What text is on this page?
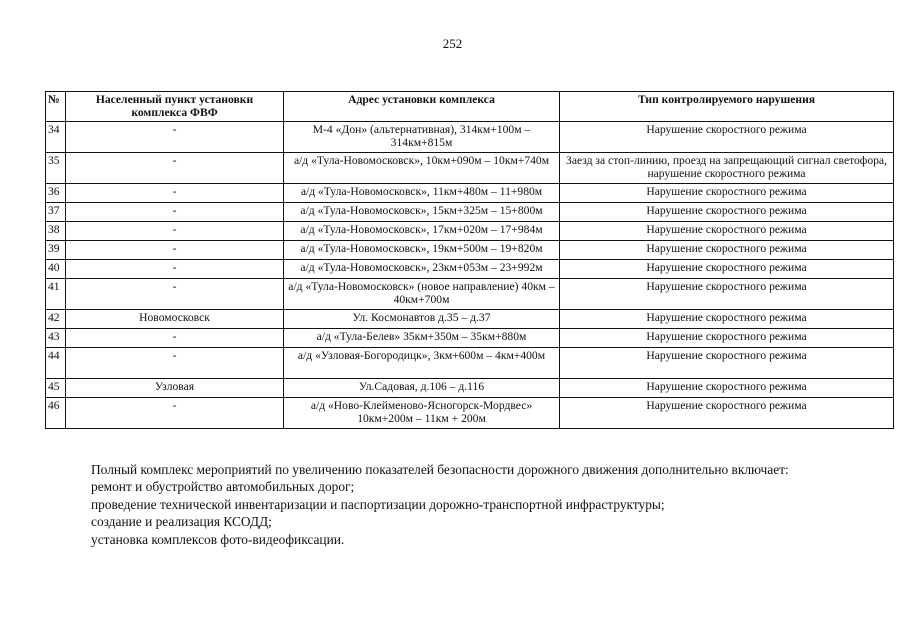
252
№	Населенный пункт установки комплекса ФВФ	Адрес установки комплекса	Тип контролируемого нарушения
34	-	М-4 «Дон» (альтернативная), 314км+100м – 314км+815м	Нарушение скоростного режима
35	-	а/д «Тула-Новомосковск», 10км+090м – 10км+740м	Заезд за стоп-линию, проезд на запрещающий сигнал светофора, нарушение скоростного режима
36	-	а/д «Тула-Новомосковск», 11км+480м – 11+980м	Нарушение скоростного режима
37	-	а/д «Тула-Новомосковск», 15км+325м – 15+800м	Нарушение скоростного режима
38	-	а/д «Тула-Новомосковск», 17км+020м – 17+984м	Нарушение скоростного режима
39	-	а/д «Тула-Новомосковск», 19км+500м – 19+820м	Нарушение скоростного режима
40	-	а/д «Тула-Новомосковск», 23км+053м – 23+992м	Нарушение скоростного режима
41	-	а/д «Тула-Новомосковск» (новое направление) 40км – 40км+700м	Нарушение скоростного режима
42	Новомосковск	Ул. Космонавтов д.35 – д.37	Нарушение скоростного режима
43	-	а/д «Тула-Белев» 35км+350м – 35км+880м	Нарушение скоростного режима
44	-	а/д «Узловая-Богородицк», 3км+600м – 4км+400м	Нарушение скоростного режима
45	Узловая	Ул.Садовая, д.106 – д.116	Нарушение скоростного режима
46	-	а/д «Ново-Клейменово-Ясногорск-Мордвес» 10км+200м – 11км + 200м	Нарушение скоростного режима

Полный комплекс мероприятий по увеличению показателей безопасности дорожного движения дополнительно включает:

ремонт и обустройство автомобильных дорог;

проведение технической инвентаризации и паспортизации дорожно-транспортной инфраструктуры;

создание и реализация КСОДД;

установка комплексов фото-видеофиксации.
